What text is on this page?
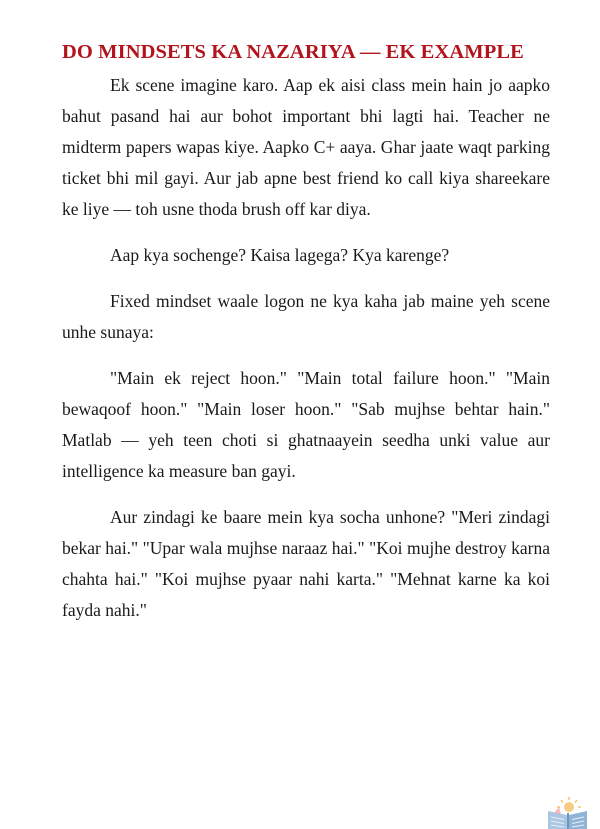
DO MINDSETS KA NAZARIYA — EK EXAMPLE

Ek scene imagine karo. Aap ek aisi class mein hain jo aapko bahut pasand hai aur bohot important bhi lagti hai. Teacher ne midterm papers wapas kiye. Aapko C+ aaya. Ghar jaate waqt parking ticket bhi mil gayi. Aur jab apne best friend ko call kiya shareekare ke liye — toh usne thoda brush off kar diya.

Aap kya sochenge? Kaisa lagega? Kya karenge?

Fixed mindset waale logon ne kya kaha jab maine yeh scene unhe sunaya:

"Main ek reject hoon." "Main total failure hoon." "Main bewaqoof hoon." "Main loser hoon." "Sab mujhse behtar hain." Matlab — yeh teen choti si ghatnaayein seedha unki value aur intelligence ka measure ban gayi.

Aur zindagi ke baare mein kya socha unhone? "Meri zindagi bekar hai." "Upar wala mujhse naraaz hai." "Koi mujhe destroy karna chahta hai." "Koi mujhse pyaar nahi karta." "Mehnat karne ka koi fayda nahi."
